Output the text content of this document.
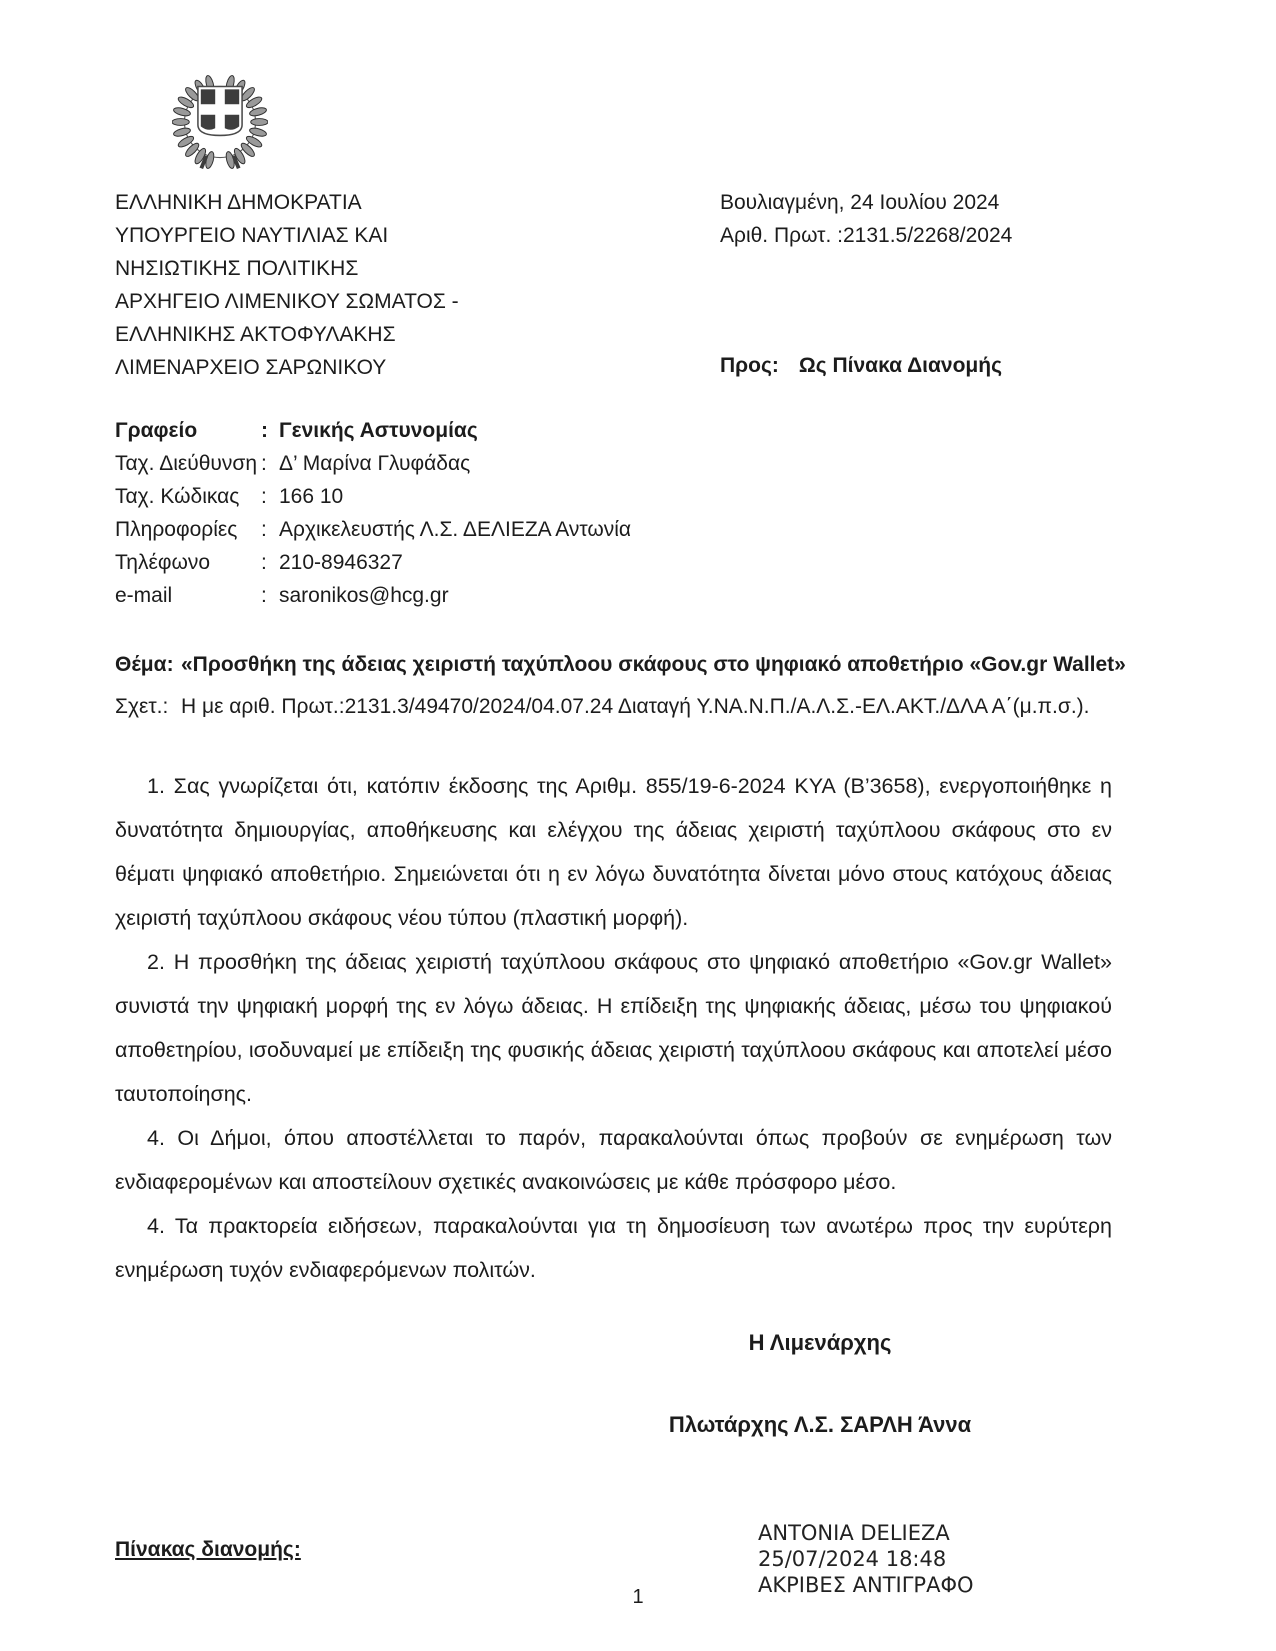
ΕΛΛΗΝΙΚΗ ΔΗΜΟΚΡΑΤΙΑ
ΥΠΟΥΡΓΕΙΟ ΝΑΥΤΙΛΙΑΣ ΚΑΙ
ΝΗΣΙΩΤΙΚΗΣ ΠΟΛΙΤΙΚΗΣ
ΑΡΧΗΓΕΙΟ ΛΙΜΕΝΙΚΟΥ ΣΩΜΑΤΟΣ -
ΕΛΛΗΝΙΚΗΣ ΑΚΤΟΦΥΛΑΚΗΣ
ΛΙΜΕΝΑΡΧΕΙΟ ΣΑΡΩΝΙΚΟΥ
Βουλιαγμένη, 24 Ιουλίου 2024
Αριθ. Πρωτ. :2131.5/2268/2024
Προς: Ως Πίνακα Διανομής
Γραφείο	: Γενικής Αστυνομίας
Ταχ. Διεύθυνση : Δ’ Μαρίνα Γλυφάδας
Ταχ. Κώδικας	: 166 10
Πληροφορίες	: Αρχικελευστής Λ.Σ. ΔΕΛΙΕΖΑ Αντωνία
Τηλέφωνο	: 210-8946327
e-mail	: saronikos@hcg.gr
Θέμα: «Προσθήκη της άδειας χειριστή ταχύπλοου σκάφους στο ψηφιακό αποθετήριο «Gov.gr Wallet»
Σχετ.: Η με αριθ. Πρωτ.:2131.3/49470/2024/04.07.24 Διαταγή Υ.ΝΑ.Ν.Π./Α.Λ.Σ.-ΕΛ.ΑΚΤ./ΔΛΑ Α΄(μ.π.σ.).

1. Σας γνωρίζεται ότι, κατόπιν έκδοσης της Αριθμ. 855/19-6-2024 ΚΥΑ (Β’3658), ενεργοποιήθηκε η δυνατότητα δημιουργίας, αποθήκευσης και ελέγχου της άδειας χειριστή ταχύπλοου σκάφους στο εν θέματι ψηφιακό αποθετήριο. Σημειώνεται ότι η εν λόγω δυνατότητα δίνεται μόνο στους κατόχους άδειας χειριστή ταχύπλοου σκάφους νέου τύπου (πλαστική μορφή).

2. Η προσθήκη της άδειας χειριστή ταχύπλοου σκάφους στο ψηφιακό αποθετήριο «Gov.gr Wallet» συνιστά την ψηφιακή μορφή της εν λόγω άδειας. Η επίδειξη της ψηφιακής άδειας, μέσω του ψηφιακού αποθετηρίου, ισοδυναμεί με επίδειξη της φυσικής άδειας χειριστή ταχύπλοου σκάφους και αποτελεί μέσο ταυτοποίησης.

4. Οι Δήμοι, όπου αποστέλλεται το παρόν, παρακαλούνται όπως προβούν σε ενημέρωση των ενδιαφερομένων και αποστείλουν σχετικές ανακοινώσεις με κάθε πρόσφορο μέσο.

4. Τα πρακτορεία ειδήσεων, παρακαλούνται για τη δημοσίευση των ανωτέρω προς την ευρύτερη ενημέρωση τυχόν ενδιαφερόμενων πολιτών.

Η Λιμενάρχης
Πλωτάρχης Λ.Σ. ΣΑΡΛΗ Άννα
Πίνακας διανομής:
ANTONIA DELIEZA
25/07/2024 18:48
ΑΚΡΙΒΕΣ ΑΝΤΙΓΡΑΦΟ
1
